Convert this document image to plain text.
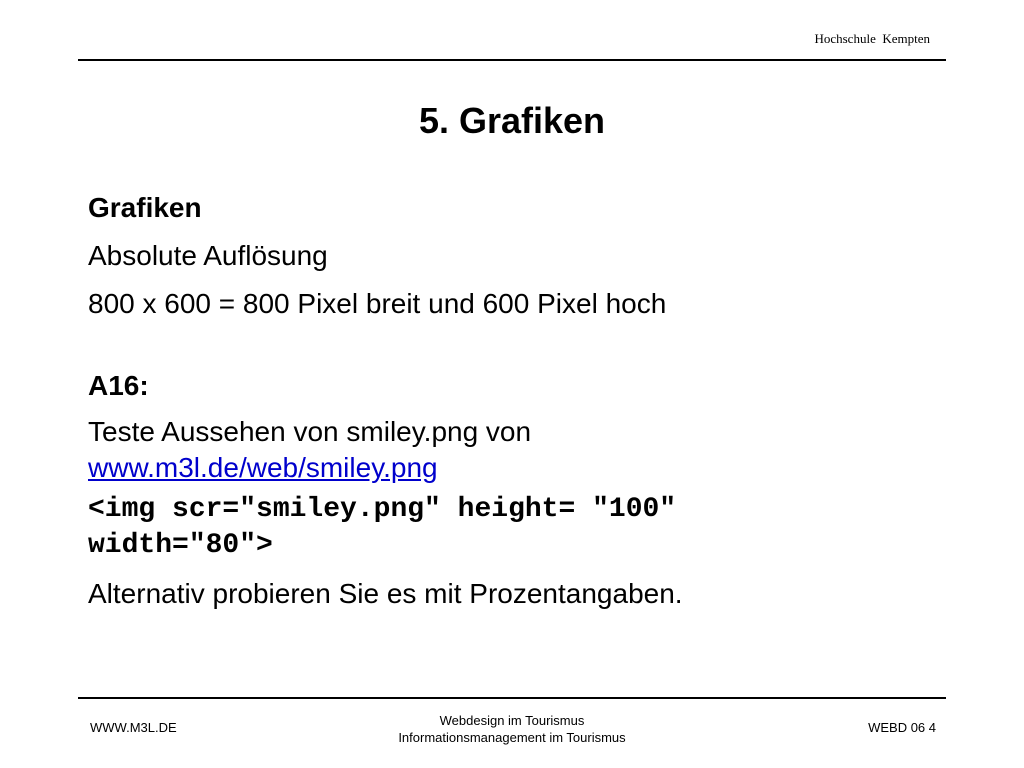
Hochschule  Kempten
5. Grafiken
Grafiken
Absolute Auflösung
800 x 600 = 800 Pixel breit und 600 Pixel hoch
A16:
Teste Aussehen von smiley.png von
www.m3l.de/web/smiley.png
<img scr="smiley.png" height= "100"
width="80">
Alternativ probieren Sie es mit Prozentangaben.
WWW.M3L.DE	Webdesign im Tourismus
Informationsmanagement im Tourismus
WEBD 06 4
